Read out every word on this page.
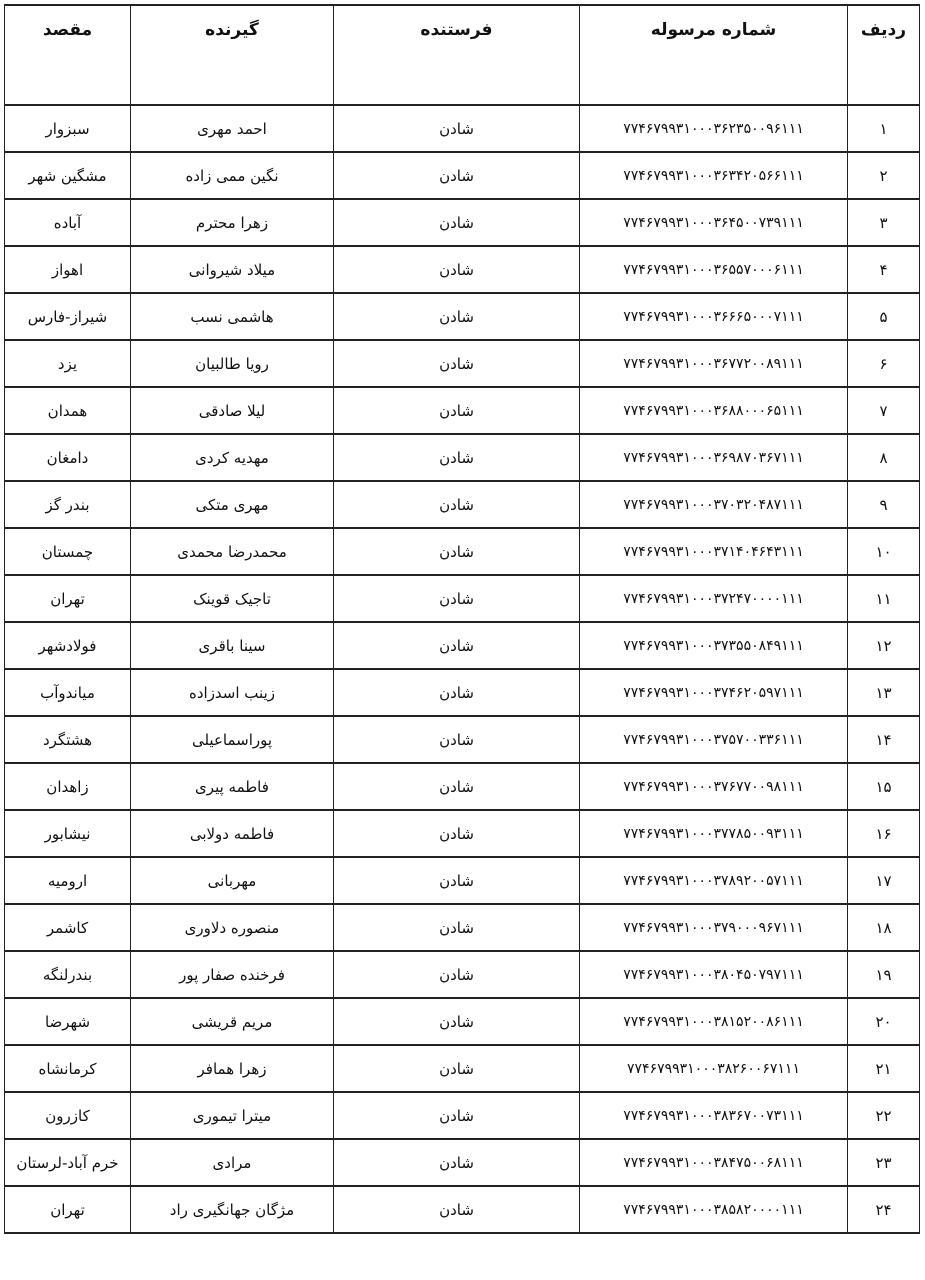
ردیف	شماره مرسوله	فرستنده	گیرنده	مقصد
۱	۷۷۴۶۷۹۹۳۱۰۰۰۳۶۲۳۵۰۰۹۶۱۱۱	شادن	احمد مهری	سبزوار
۲	۷۷۴۶۷۹۹۳۱۰۰۰۳۶۳۴۲۰۵۶۶۱۱۱	شادن	نگین ممی زاده	مشگین شهر
۳	۷۷۴۶۷۹۹۳۱۰۰۰۳۶۴۵۰۰۷۳۹۱۱۱	شادن	زهرا محترم	آباده
۴	۷۷۴۶۷۹۹۳۱۰۰۰۳۶۵۵۷۰۰۰۶۱۱۱	شادن	میلاد شیروانی	اهواز
۵	۷۷۴۶۷۹۹۳۱۰۰۰۳۶۶۶۵۰۰۰۷۱۱۱	شادن	هاشمی نسب	شیراز-فارس
۶	۷۷۴۶۷۹۹۳۱۰۰۰۳۶۷۷۲۰۰۸۹۱۱۱	شادن	رویا طالبیان	یزد
۷	۷۷۴۶۷۹۹۳۱۰۰۰۳۶۸۸۰۰۰۶۵۱۱۱	شادن	لیلا صادقی	همدان
۸	۷۷۴۶۷۹۹۳۱۰۰۰۳۶۹۸۷۰۳۶۷۱۱۱	شادن	مهدیه کردی	دامغان
۹	۷۷۴۶۷۹۹۳۱۰۰۰۳۷۰۳۲۰۴۸۷۱۱۱	شادن	مهری متکی	بندر گز
۱۰	۷۷۴۶۷۹۹۳۱۰۰۰۳۷۱۴۰۴۶۴۳۱۱۱	شادن	محمدرضا محمدی	چمستان
۱۱	۷۷۴۶۷۹۹۳۱۰۰۰۳۷۲۴۷۰۰۰۰۱۱۱	شادن	تاجیک قوینک	تهران
۱۲	۷۷۴۶۷۹۹۳۱۰۰۰۳۷۳۵۵۰۸۴۹۱۱۱	شادن	سینا باقری	فولادشهر
۱۳	۷۷۴۶۷۹۹۳۱۰۰۰۳۷۴۶۲۰۵۹۷۱۱۱	شادن	زینب اسدزاده	میاندوآب
۱۴	۷۷۴۶۷۹۹۳۱۰۰۰۳۷۵۷۰۰۳۳۶۱۱۱	شادن	پوراسماعیلی	هشتگرد
۱۵	۷۷۴۶۷۹۹۳۱۰۰۰۳۷۶۷۷۰۰۹۸۱۱۱	شادن	فاطمه پیری	زاهدان
۱۶	۷۷۴۶۷۹۹۳۱۰۰۰۳۷۷۸۵۰۰۹۳۱۱۱	شادن	فاطمه دولابی	نیشابور
۱۷	۷۷۴۶۷۹۹۳۱۰۰۰۳۷۸۹۲۰۰۵۷۱۱۱	شادن	مهربانی	ارومیه
۱۸	۷۷۴۶۷۹۹۳۱۰۰۰۳۷۹۰۰۰۹۶۷۱۱۱	شادن	منصوره دلاوری	کاشمر
۱۹	۷۷۴۶۷۹۹۳۱۰۰۰۳۸۰۴۵۰۷۹۷۱۱۱	شادن	فرخنده صفار پور	بندرلنگه
۲۰	۷۷۴۶۷۹۹۳۱۰۰۰۳۸۱۵۲۰۰۸۶۱۱۱	شادن	مریم قریشی	شهرضا
۲۱	۷۷۴۶۷۹۹۳۱۰۰۰۳۸۲۶۰۰۶۷۱۱۱	شادن	زهرا همافر	کرمانشاه
۲۲	۷۷۴۶۷۹۹۳۱۰۰۰۳۸۳۶۷۰۰۷۳۱۱۱	شادن	میترا تیموری	کازرون
۲۳	۷۷۴۶۷۹۹۳۱۰۰۰۳۸۴۷۵۰۰۶۸۱۱۱	شادن	مرادی	خرم آباد-لرستان
۲۴	۷۷۴۶۷۹۹۳۱۰۰۰۳۸۵۸۲۰۰۰۰۱۱۱	شادن	مژگان جهانگیری راد	تهران
